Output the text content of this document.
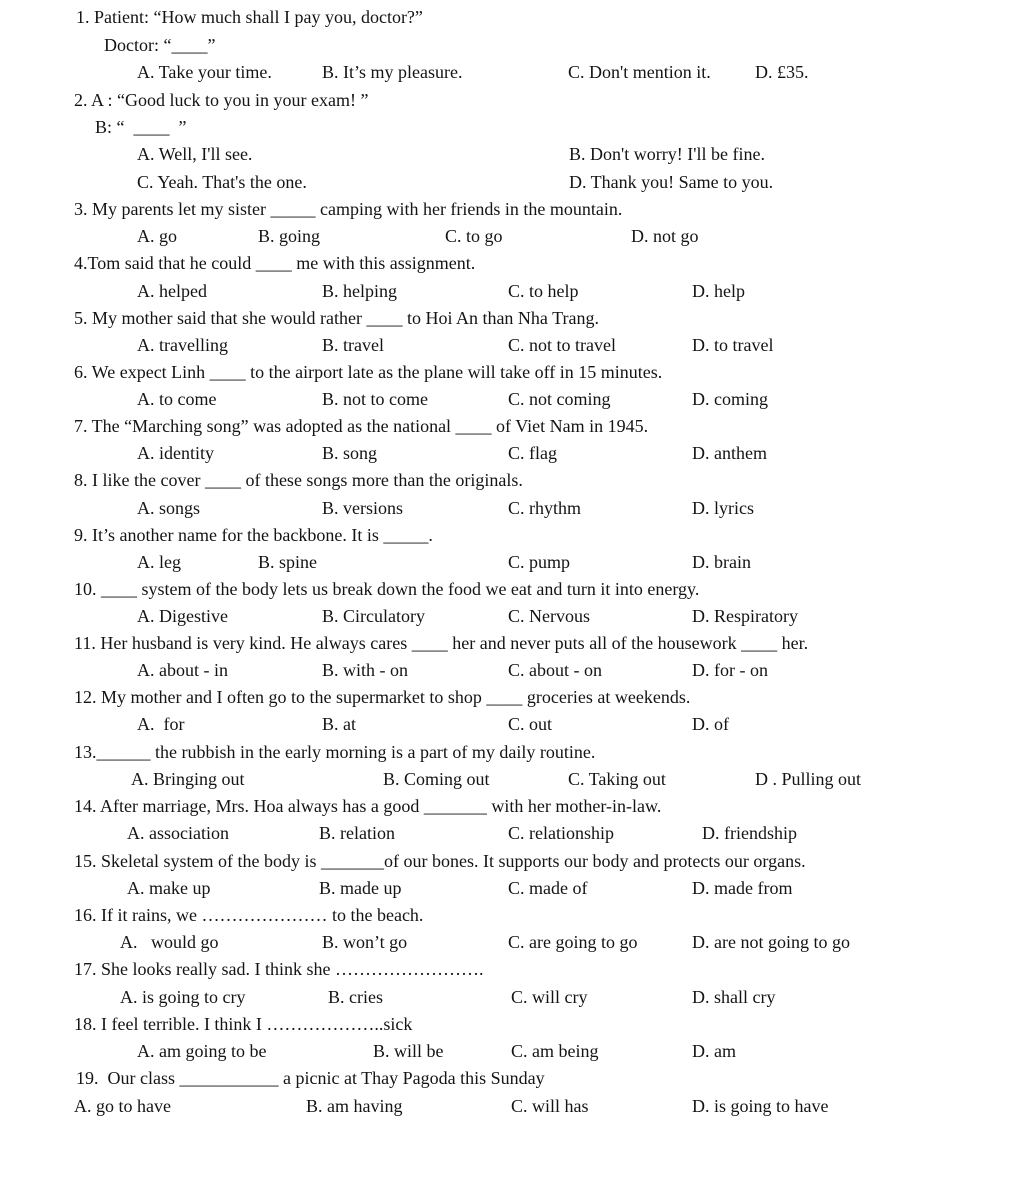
1. Patient: “How much shall I pay you, doctor?”
Doctor: “____”
A. Take your time.	B. It’s my pleasure.	C. Don't mention it. D. £35.
2. A : “Good luck to you in your exam! ”
B: “  ____  ”
A. Well, I'll see.	B. Don't worry! I'll be fine.
C. Yeah. That's the one.	D. Thank you! Same to you.
3. My parents let my sister _____ camping with her friends in the mountain.
A. go	B. going	C. to go	D. not go
4.Tom said that he could ____ me with this assignment.
A. helped	B. helping	C. to help	D. help
5. My mother said that she would rather ____ to Hoi An than Nha Trang.
A. travelling	B. travel	C. not to travel	D. to travel
6. We expect Linh ____ to the airport late as the plane will take off in 15 minutes.
A. to come	B. not to come	C. not coming	D. coming
7. The “Marching song” was adopted as the national ____ of Viet Nam in 1945.
A. identity	B. song	C. flag	D. anthem
8. I like the cover ____ of these songs more than the originals.
A. songs	B. versions	C. rhythm	D. lyrics
9. It’s another name for the backbone. It is _____.
A. leg	B. spine	C. pump	D. brain
10. ____ system of the body lets us break down the food we eat and turn it into energy.
A. Digestive	B. Circulatory	C. Nervous	D. Respiratory
11. Her husband is very kind. He always cares ____ her and never puts all of the housework ____ her.
A. about - in	B. with - on	C. about - on	D. for - on
12. My mother and I often go to the supermarket to shop ____ groceries at weekends.
A.  for	B. at	C. out	D. of
13.______ the rubbish in the early morning is a part of my daily routine.
A. Bringing out	B. Coming out	C. Taking out	D . Pulling out
14. After marriage, Mrs. Hoa always has a good _______ with her mother-in-law.
A. association	B. relation	C. relationship	D. friendship
15. Skeletal system of the body is _______of our bones. It supports our body and protects our organs.
A. make up	B. made up	C. made of	D. made from
16. If it rains, we ………………… to the beach.
A.   would go	B. won’t go	C. are going to go	D. are not going to go
17. She looks really sad. I think she …………………….
A. is going to cry	B. cries	C. will cry	D. shall cry
18. I feel terrible. I think I ………………..sick
A. am going to be	B. will be	C. am being	D. am
19.  Our class ___________ a picnic at Thay Pagoda this Sunday
A. go to have	B. am having	C. will has	D. is going to have
